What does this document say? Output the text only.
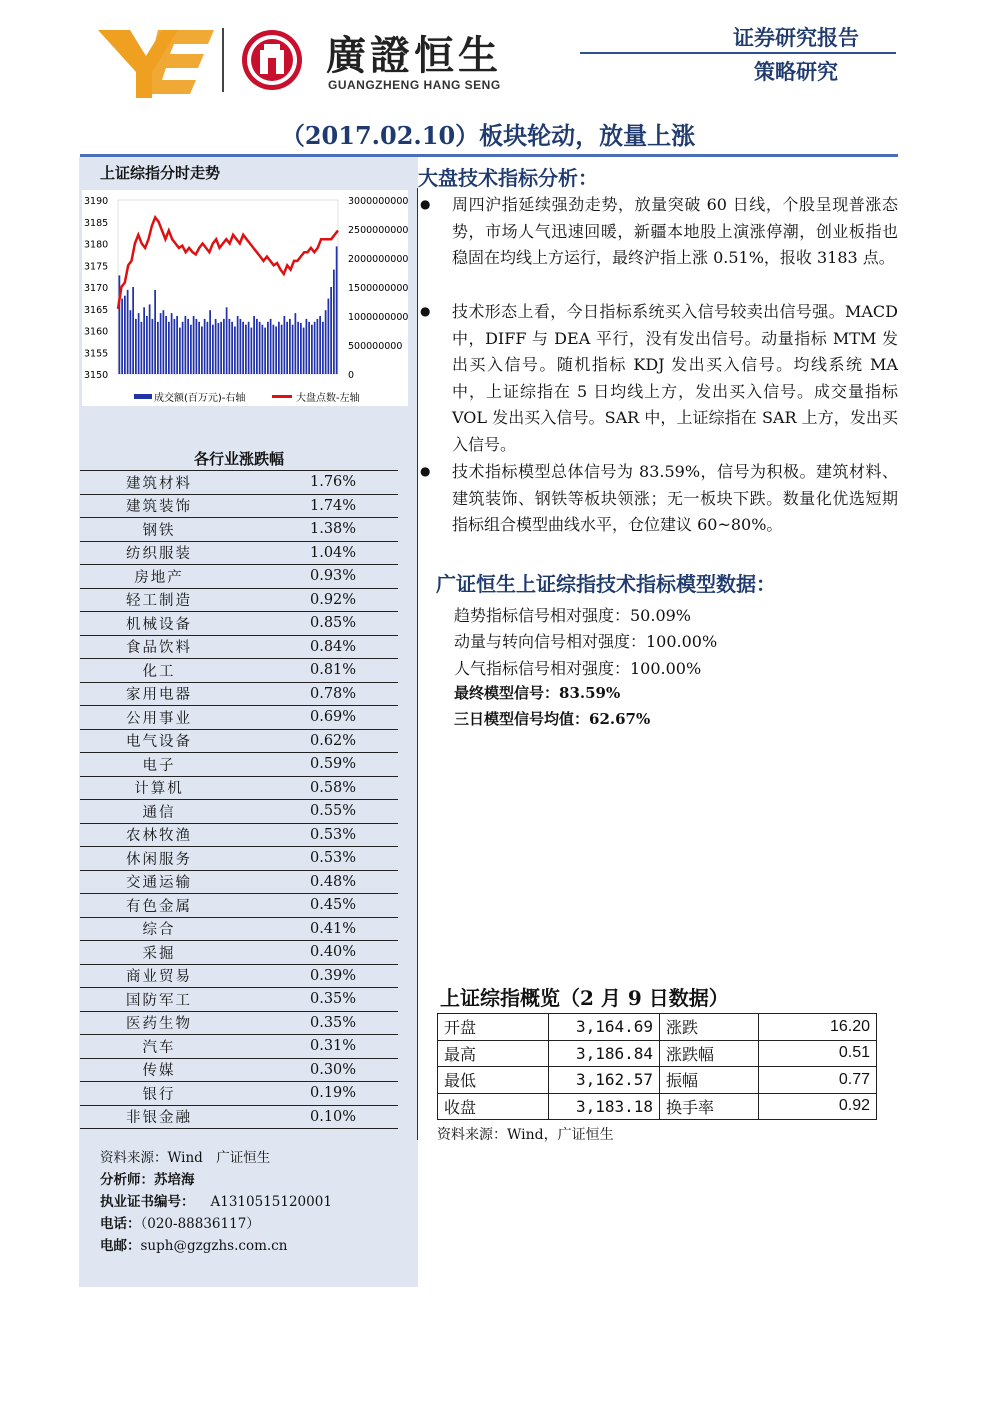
廣證恒生
GUANGZHENG HANG SENG
证券研究报告
策略研究
（2017.02.10）板块轮动，放量上涨
上证综指分时走势
3190
3185
3180
3175
3170
3165
3160
3155
3150
3000000000
2500000000
2000000000
1500000000
1000000000
500000000
0
成交额(百万元)-右轴	大盘点数-左轴
各行业涨跌幅
建筑材料	1.76%
建筑装饰	1.74%
钢铁	1.38%
纺织服装	1.04%
房地产	0.93%
轻工制造	0.92%
机械设备	0.85%
食品饮料	0.84%
化工	0.81%
家用电器	0.78%
公用事业	0.69%
电气设备	0.62%
电子	0.59%
计算机	0.58%
通信	0.55%
农林牧渔	0.53%
休闲服务	0.53%
交通运输	0.48%
有色金属	0.45%
综合	0.41%
采掘	0.40%
商业贸易	0.39%
国防军工	0.35%
医药生物	0.35%
汽车	0.31%
传媒	0.30%
银行	0.19%
非银金融	0.10%
资料来源：Wind　广证恒生
分析师：苏培海
执业证书编号： A1310515120001
电话：（020-88836117）
电邮：suph@gzgzhs.com.cn
大盘技术指标分析：
● 周四沪指延续强劲走势，放量突破 60 日线，个股呈现普涨态势，市场人气迅速回暖，新疆本地股上演涨停潮，创业板指也稳固在均线上方运行，最终沪指上涨 0.51%，报收 3183 点。
● 技术形态上看，今日指标系统买入信号较卖出信号强。MACD 中，DIFF 与 DEA 平行，没有发出信号。动量指标 MTM 发出买入信号。随机指标 KDJ 发出买入信号。均线系统 MA 中，上证综指在 5 日均线上方，发出买入信号。成交量指标 VOL 发出买入信号。SAR 中，上证综指在 SAR 上方，发出买入信号。
● 技术指标模型总体信号为 83.59%，信号为积极。建筑材料、建筑装饰、钢铁等板块领涨；无一板块下跌。数量化优选短期指标组合模型曲线水平，仓位建议 60~80%。
广证恒生上证综指技术指标模型数据：
趋势指标信号相对强度：50.09%
动量与转向信号相对强度：100.00%
人气指标信号相对强度：100.00%
最终模型信号：83.59%
三日模型信号均值：62.67%
上证综指概览（2 月 9 日数据）
开盘	3,164.69	涨跌	16.20
最高	3,186.84	涨跌幅	0.51
最低	3,162.57	振幅	0.77
收盘	3,183.18	换手率	0.92
资料来源：Wind，广证恒生
